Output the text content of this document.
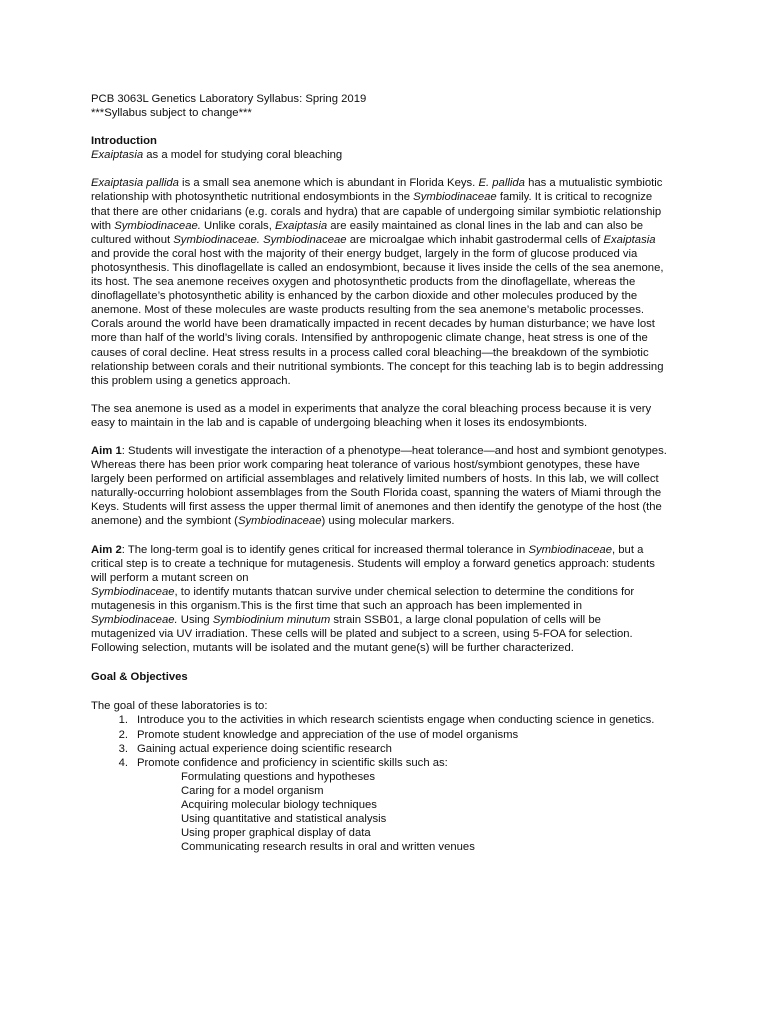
PCB 3063L Genetics Laboratory Syllabus: Spring 2019

***Syllabus subject to change***

Introduction

Exaiptasia as a model for studying coral bleaching

Exaiptasia pallida is a small sea anemone which is abundant in Florida Keys. E. pallida has a mutualistic symbiotic relationship with photosynthetic nutritional endosymbionts in the Symbiodinaceae family. It is critical to recognize that there are other cnidarians (e.g. corals and hydra) that are capable of undergoing similar symbiotic relationship with Symbiodinaceae. Unlike corals, Exaiptasia are easily maintained as clonal lines in the lab and can also be cultured without Symbiodinaceae. Symbiodinaceae are microalgae which inhabit gastrodermal cells of Exaiptasia and provide the coral host with the majority of their energy budget, largely in the form of glucose produced via photosynthesis. This dinoflagellate is called an endosymbiont, because it lives inside the cells of the sea anemone, its host. The sea anemone receives oxygen and photosynthetic products from the dinoflagellate, whereas the dinoflagellate’s photosynthetic ability is enhanced by the carbon dioxide and other molecules produced by the anemone. Most of these molecules are waste products resulting from the sea anemone’s metabolic processes. Corals around the world have been dramatically impacted in recent decades by human disturbance; we have lost more than half of the world’s living corals. Intensified by anthropogenic climate change, heat stress is one of the causes of coral decline. Heat stress results in a process called coral bleaching—the breakdown of the symbiotic relationship between corals and their nutritional symbionts. The concept for this teaching lab is to begin addressing this problem using a genetics approach.

The sea anemone is used as a model in experiments that analyze the coral bleaching process because it is very easy to maintain in the lab and is capable of undergoing bleaching when it loses its endosymbionts.

Aim 1: Students will investigate the interaction of a phenotype—heat tolerance—and host and symbiont genotypes. Whereas there has been prior work comparing heat tolerance of various host/symbiont genotypes, these have largely been performed on artificial assemblages and relatively limited numbers of hosts. In this lab, we will collect naturally-occurring holobiont assemblages from the South Florida coast, spanning the waters of Miami through the Keys. Students will first assess the upper thermal limit of anemones and then identify the genotype of the host (the anemone) and the symbiont (Symbiodinaceae) using molecular markers.

Aim 2: The long-term goal is to identify genes critical for increased thermal tolerance in Symbiodinaceae, but a critical step is to create a technique for mutagenesis. Students will employ a forward genetics approach: students will perform a mutant screen on
Symbiodinaceae, to identify mutants thatcan survive under chemical selection to determine the conditions for mutagenesis in this organism.This is the first time that such an approach has been implemented in Symbiodinaceae. Using Symbiodinium minutum strain SSB01, a large clonal population of cells will be mutagenized via UV irradiation. These cells will be plated and subject to a screen, using 5-FOA for selection. Following selection, mutants will be isolated and the mutant gene(s) will be further characterized.

Goal & Objectives

The goal of these laboratories is to:

1. Introduce you to the activities in which research scientists engage when conducting science in genetics.
2. Promote student knowledge and appreciation of the use of model organisms
3. Gaining actual experience doing scientific research
4. Promote confidence and proficiency in scientific skills such as:
Formulating questions and hypotheses
Caring for a model organism
Acquiring molecular biology techniques
Using quantitative and statistical analysis
Using proper graphical display of data
Communicating research results in oral and written venues
